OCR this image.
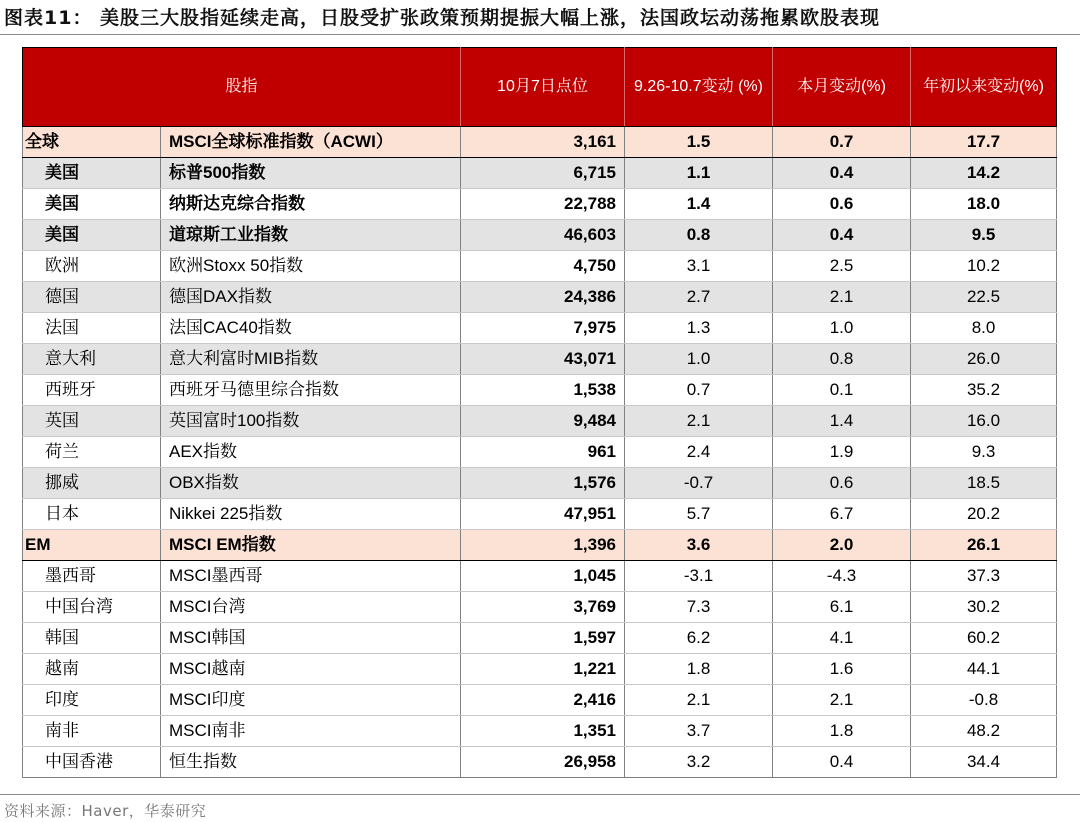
图表11： 美股三大股指延续走高，日股受扩张政策预期提振大幅上涨，法国政坛动荡拖累欧股表现
股指		10月7日点位	9.26-10.7变动 (%)	本月变动(%)	年初以来变动(%)
全球	MSCI全球标准指数（ACWI）	3,161	1.5	0.7	17.7
美国	标普500指数	6,715	1.1	0.4	14.2
美国	纳斯达克综合指数	22,788	1.4	0.6	18.0
美国	道琼斯工业指数	46,603	0.8	0.4	9.5
欧洲	欧洲Stoxx 50指数	4,750	3.1	2.5	10.2
德国	德国DAX指数	24,386	2.7	2.1	22.5
法国	法国CAC40指数	7,975	1.3	1.0	8.0
意大利	意大利富时MIB指数	43,071	1.0	0.8	26.0
西班牙	西班牙马德里综合指数	1,538	0.7	0.1	35.2
英国	英国富时100指数	9,484	2.1	1.4	16.0
荷兰	AEX指数	961	2.4	1.9	9.3
挪威	OBX指数	1,576	-0.7	0.6	18.5
日本	Nikkei 225指数	47,951	5.7	6.7	20.2
EM	MSCI EM指数	1,396	3.6	2.0	26.1
墨西哥	MSCI墨西哥	1,045	-3.1	-4.3	37.3
中国台湾	MSCI台湾	3,769	7.3	6.1	30.2
韩国	MSCI韩国	1,597	6.2	4.1	60.2
越南	MSCI越南	1,221	1.8	1.6	44.1
印度	MSCI印度	2,416	2.1	2.1	-0.8
南非	MSCI南非	1,351	3.7	1.8	48.2
中国香港	恒生指数	26,958	3.2	0.4	34.4
资料来源：Haver，华泰研究
